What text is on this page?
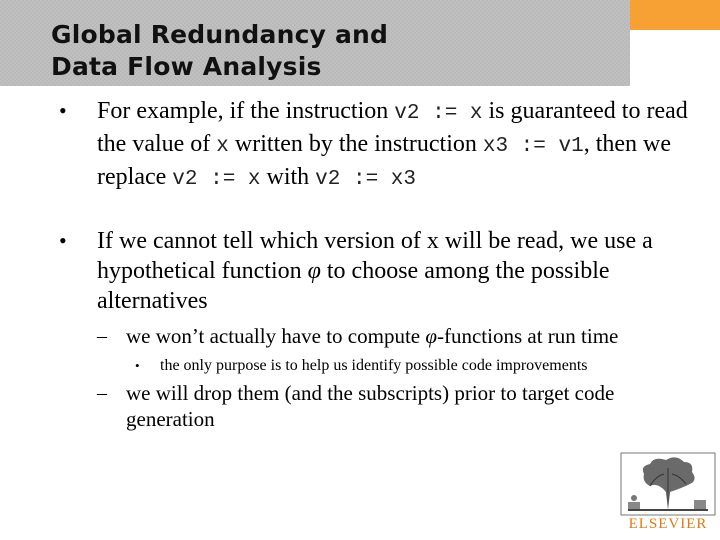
Global Redundancy and
Data Flow Analysis
• For example, if the instruction v2 := x is guaranteed to read the value of x written by the instruction x3 := v1, then we replace v2 := x with v2 := x3
• If we cannot tell which version of x will be read, we use a hypothetical function φ to choose among the possible alternatives
– we won’t actually have to compute φ-functions at run time
• the only purpose is to help us identify possible code improvements
– we will drop them (and the subscripts) prior to target code generation
ELSEVIER
